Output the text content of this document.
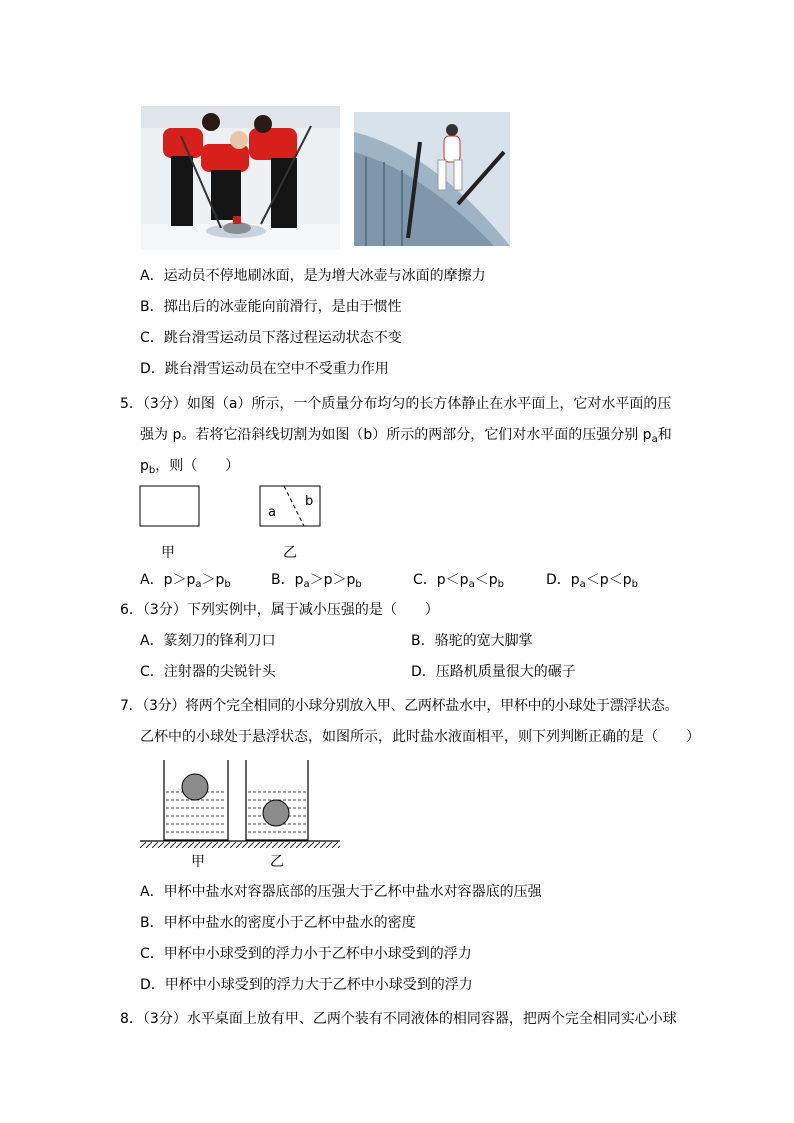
A．运动员不停地刷冰面，是为增大冰壶与冰面的摩擦力
B．掷出后的冰壶能向前滑行，是由于惯性
C．跳台滑雪运动员下落过程运动状态不变
D．跳台滑雪运动员在空中不受重力作用
5．（3分）如图（a）所示，一个质量分布均匀的长方体静止在水平面上，它对水平面的压
强为 p。若将它沿斜线切割为如图（b）所示的两部分，它们对水平面的压强分别 $p_a$和
$p_b$，则（　　）
a
b
甲	乙
A．$p>p_a>p_b$	B．$p_a>p>p_b$	C．$p<p_a<p_b$	D．$p_a<p<p_b$
6．（3分）下列实例中，属于减小压强的是（　　）
A．篆刻刀的锋利刀口	B．骆驼的宽大脚掌
C．注射器的尖锐针头	D．压路机质量很大的碾子
7．（3分）将两个完全相同的小球分别放入甲、乙两杯盐水中，甲杯中的小球处于漂浮状态。
乙杯中的小球处于悬浮状态，如图所示，此时盐水液面相平，则下列判断正确的是（　　）
甲	乙
A．甲杯中盐水对容器底部的压强大于乙杯中盐水对容器底的压强
B．甲杯中盐水的密度小于乙杯中盐水的密度
C．甲杯中小球受到的浮力小于乙杯中小球受到的浮力
D．甲杯中小球受到的浮力大于乙杯中小球受到的浮力
8．（3分）水平桌面上放有甲、乙两个装有不同液体的相同容器，把两个完全相同实心小球
